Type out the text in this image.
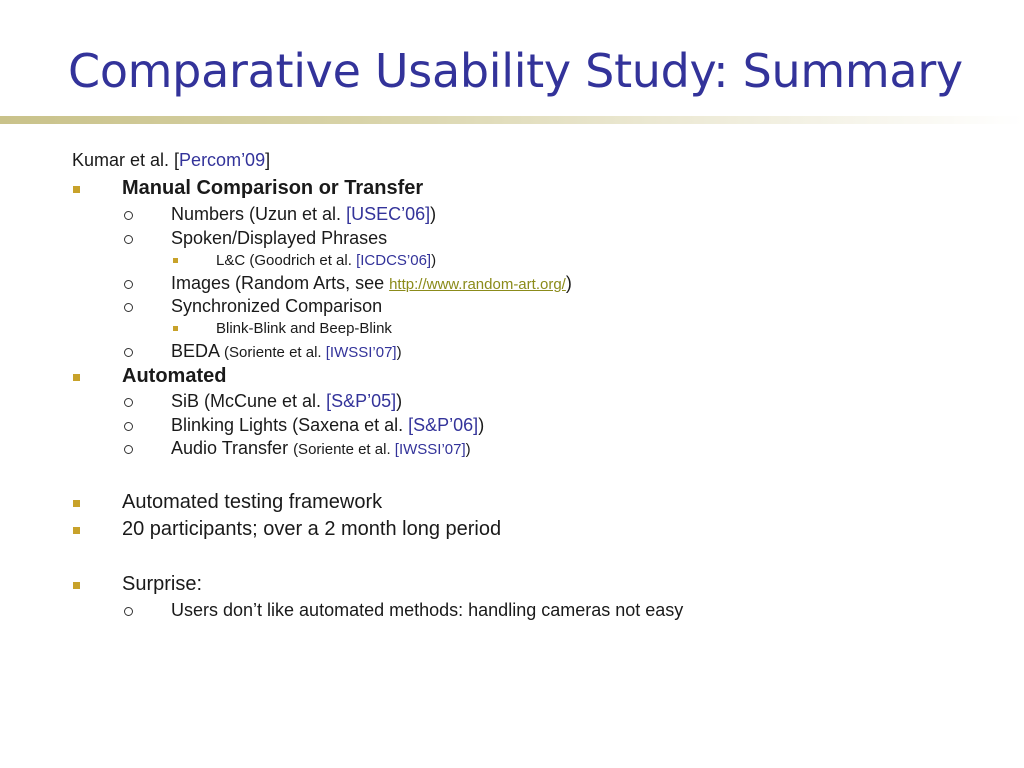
Comparative Usability Study: Summary
Kumar et al. [Percom’09]
Manual Comparison or Transfer
Numbers (Uzun et al. [USEC’06])
Spoken/Displayed Phrases
L&C (Goodrich et al. [ICDCS’06])
Images (Random Arts, see http://www.random-art.org/)
Synchronized Comparison
Blink-Blink and Beep-Blink
BEDA (Soriente et al. [IWSSI’07])
Automated
SiB (McCune et al. [S&P’05])
Blinking Lights (Saxena et al. [S&P’06])
Audio Transfer (Soriente et al. [IWSSI’07])
Automated testing framework
20 participants; over a 2 month long period
Surprise:
Users don’t like automated methods: handling cameras not easy
